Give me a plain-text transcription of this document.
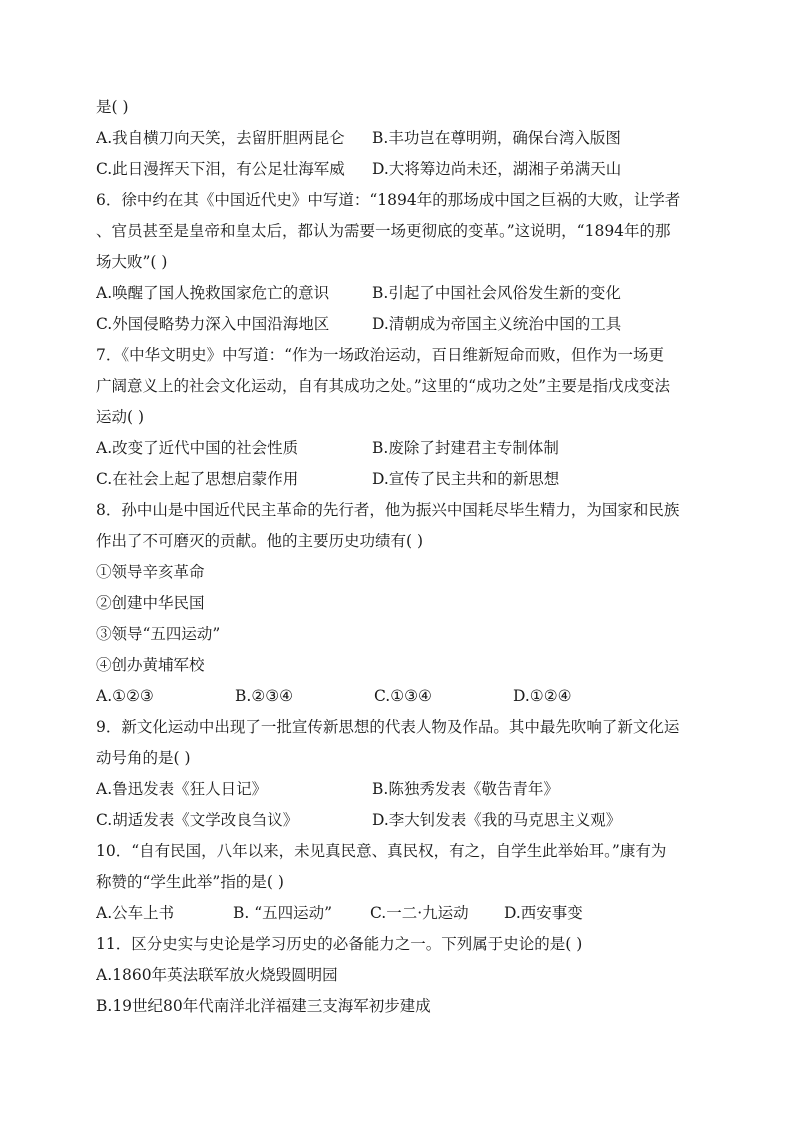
是( )
A.我自横刀向天笑，去留肝胆两昆仑	B.丰功岂在尊明朔，确保台湾入版图
C.此日漫挥天下泪，有公足壮海军威	D.大将筹边尚未还，湖湘子弟满天山
6．徐中约在其《中国近代史》中写道：“1894年的那场成中国之巨祸的大败，让学者
、官员甚至是皇帝和皇太后，都认为需要一场更彻底的变革。”这说明，“1894年的那
场大败”( )
A.唤醒了国人挽救国家危亡的意识	B.引起了中国社会风俗发生新的变化
C.外国侵略势力深入中国沿海地区	D.清朝成为帝国主义统治中国的工具
7．《中华文明史》中写道：“作为一场政治运动，百日维新短命而败，但作为一场更
广阔意义上的社会文化运动，自有其成功之处。”这里的“成功之处”主要是指戊戌变法
运动( )
A.改变了近代中国的社会性质	B.废除了封建君主专制体制
C.在社会上起了思想启蒙作用	D.宣传了民主共和的新思想
8．孙中山是中国近代民主革命的先行者，他为振兴中国耗尽毕生精力，为国家和民族
作出了不可磨灭的贡献。他的主要历史功绩有( )
①领导辛亥革命
②创建中华民国
③领导“五四运动”
④创办黄埔军校
A.①②③	B.②③④	C.①③④	D.①②④
9．新文化运动中出现了一批宣传新思想的代表人物及作品。其中最先吹响了新文化运
动号角的是( )
A.鲁迅发表《狂人日记》	B.陈独秀发表《敬告青年》
C.胡适发表《文学改良刍议》	D.李大钊发表《我的马克思主义观》
10．“自有民国，八年以来，未见真民意、真民权，有之，自学生此举始耳。”康有为
称赞的“学生此举”指的是( )
A.公车上书	B. “五四运动”	C.一二·九运动	D.西安事变
11．区分史实与史论是学习历史的必备能力之一。下列属于史论的是( )
A.1860年英法联军放火烧毁圆明园
B.19世纪80年代南洋北洋福建三支海军初步建成
